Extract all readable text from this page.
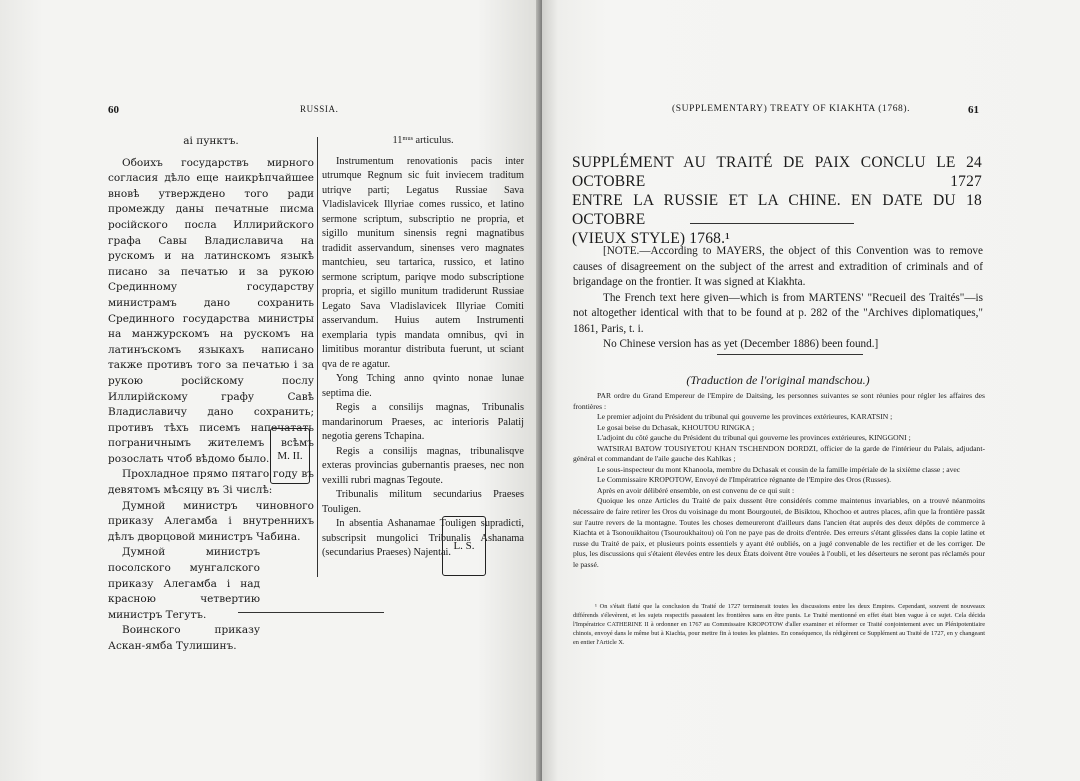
60	RUSSIA.
аі пунктъ.

Обоихъ государствъ мирного согласия дѣло еще наикрѣпчайшее вновѣ утверждено того ради промежду даны печатные писма російского посла Иллирийского графа Савы Владиславича на рускомъ и на латинскомъ языкѣ писано за печатью и за рукою Срединному государству министрамъ дано сохранить Срединного государства министры на манжурскомъ на рускомъ на латинъскомъ языкахъ написано также противъ того за печатью і за рукою російскому послу Иллирійскому графу Савѣ Владиславичу дано сохранить; противъ тѣхъ писемъ напечатать пограничнымъ жителемъ всѣмъ розослать чтоб вѣдомо было.

Прохладное прямо пятаго году въ девятомъ мѣсяцу въ Зі числѣ:

Думной министръ чиновного приказу Алегамба і внутреннихъ дѣлъ дворцовой министръ Чабина.

Думной министръ посолского мунгалского приказу Алегамба і над красною четвертию министръ Тегутъ.

Воинского приказу Аскан-ямба Тулишинъ.

M. II.
11ᵐᵘˢ articulus.

Instrumentum renovationis pacis inter utrumque Regnum sic fuit inviecem traditum utriqve parti; Legatus Russiae Sava Vladislavicek Illyriae comes russico, et latino sermone scriptum, subscriptio ne propria, et sigillo munitum sinensis regni magnatibus tradidit asservandum, sinenses vero magnates mantchieu, seu tartarica, russico, et latino sermone scriptum, pariqve modo subscriptione propria, et sigillo munitum tradiderunt Russiae Legato Sava Vladislavicek Illyriae Comiti asservandum. Huius autem Instrumenti exemplaria typis mandata omnibus, qvi in limitibus morantur distributa fuerunt, ut sciant qva de re agatur.

Yong Tching anno qvinto nonae lunae septima die.

Regis a consilijs magnas, Tribunalis mandarinorum Praeses, ac interioris Palatij negotia gerens Tchapina.

Regis a consilijs magnas, tribunalisqve exteras provincias gubernantis praeses, nec non vexilli rubri magnas Tegoute.

Tribunalis militum secundarius Praeses Touligen.

In absentia Ashanamae Touligen supradicti, subscripsit mungolici Tribunalis Ashanama (secundarius Praeses) Najentai.

L. S.
(SUPPLEMENTARY) TREATY OF KIAKHTA (1768).	61
SUPPLÉMENT AU TRAITÉ DE PAIX CONCLU LE 24 OCTOBRE 1727
ENTRE LA RUSSIE ET LA CHINE. EN DATE DU 18 OCTOBRE
(VIEUX STYLE) 1768.¹

[NOTE.—According to MAYERS, the object of this Convention was to remove causes of disagreement on the subject of the arrest and extradition of criminals and of brigandage on the frontier. It was signed at Kiakhta.

The French text here given—which is from MARTENS' "Recueil des Traités"—is not altogether identical with that to be found at p. 282 of the "Archives diplomatiques," 1861, Paris, t. i.

No Chinese version has as yet (December 1886) been found.]

(Traduction de l'original mandschou.)

PAR ordre du Grand Empereur de l'Empire de Daitsing, les personnes suivantes se sont réunies pour régler les affaires des frontières :

Le premier adjoint du Président du tribunal qui gouverne les provinces extérieures, KARATSIN ;

Le gosai beise du Dchasak, KHOUTOU RINGKA ;

L'adjoint du côté gauche du Président du tribunal qui gouverne les provinces extérieures, KINGGONI ;

WATSIRAI BATOW TOUSIYETOU KHAN TSCHENDON DORDZI, officier de la garde de l'intérieur du Palais, adjudant-général et commandant de l'aile gauche des Kahlkas ;

Le sous-inspecteur du mont Khanoola, membre du Dchasak et cousin de la famille impériale de la sixième classe ; avec

Le Commissaire KROPOTOW, Envoyé de l'Impératrice régnante de l'Empire des Oros (Russes).

Après en avoir délibéré ensemble, on est convenu de ce qui suit :

Quoique les onze Articles du Traité de paix dussent être considérés comme maintenus invariables, on a trouvé néanmoins nécessaire de faire retirer les Oros du voisinage du mont Bourgoutei, de Bisiktou, Khochoo et autres places, afin que la frontière passât sur l'autre revers de la montagne. Toutes les choses demeureront d'ailleurs dans l'ancien état auprès des deux dépôts de commerce à Kiachta et à Tsonouikhaitou (Tsouroukhaitou) où l'on ne paye pas de droits d'entrée. Des erreurs s'étant glissées dans la copie latine et russe du Traité de paix, et plusieurs points essentiels y ayant été oubliés, on a jugé convenable de les rectifier et de les corriger. De plus, les discussions qui s'étaient élevées entre les deux États doivent être vouées à l'oubli, et les déserteurs ne seront pas réclamés pour le passé.

¹ On s'était flatté que la conclusion du Traité de 1727 terminerait toutes les discussions entre les deux Empires. Cependant, souvent de nouveaux différends s'élevèrent, et les sujets respectifs passaient les frontières sans en être punis. Le Traité mentionné en effet était bien vague à ce sujet. Cela décida l'Impératrice CATHERINE II à ordonner en 1767 au Commissaire KROPOTOW d'aller examiner et réformer ce Traité conjointement avec un Plénipotentiaire chinois, envoyé dans le même but à Kiachta, pour mettre fin à toutes les plaintes. En conséquence, ils rédigèrent ce Supplément au Traité de 1727, en y changeant en entier l'Article X.
